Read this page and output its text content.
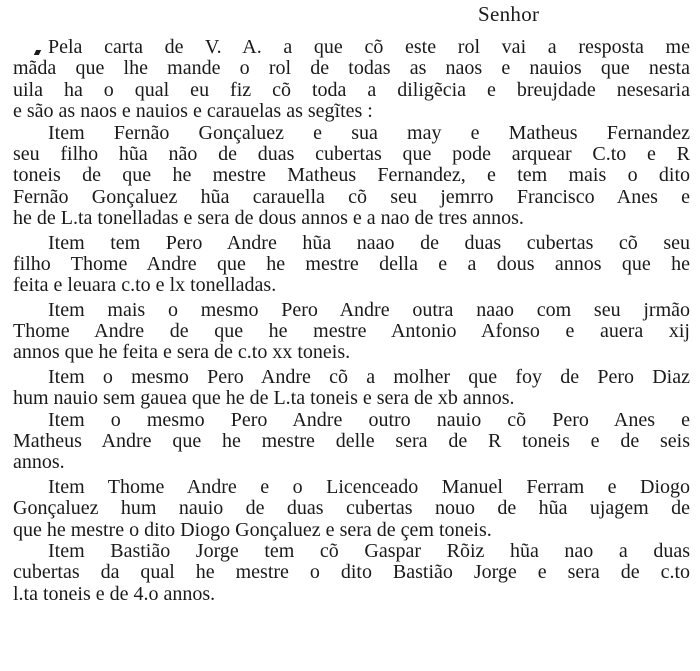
Senhor
Pela carta de V. A. a que cõ este rol vai a resposta me
mãda que lhe mande o rol de todas as naos e nauios que nesta
uila ha o qual eu fiz cõ toda a diligẽcia e breujdade nesesaria
e são as naos e nauios e carauelas as segĩtes :
Item Fernão Gonçaluez e sua may e Matheus Fernandez
seu filho hũa não de duas cubertas que pode arquear C.to e R
toneis de que he mestre Matheus Fernandez, e tem mais o dito
Fernão Gonçaluez hũa carauella cõ seu jemrro Francisco Anes e
he de L.ta tonelladas e sera de dous annos e a nao de tres annos.
Item tem Pero Andre hũa naao de duas cubertas cõ seu
filho Thome Andre que he mestre della e a dous annos que he
feita e leuara c.to e lx tonelladas.
Item mais o mesmo Pero Andre outra naao com seu jrmão
Thome Andre de que he mestre Antonio Afonso e auera xij
annos que he feita e sera de c.to xx toneis.
Item o mesmo Pero Andre cõ a molher que foy de Pero Diaz
hum nauio sem gauea que he de L.ta toneis e sera de xb annos.
Item o mesmo Pero Andre outro nauio cõ Pero Anes e
Matheus Andre que he mestre delle sera de R toneis e de seis
annos.
Item Thome Andre e o Licenceado Manuel Ferram e Diogo
Gonçaluez hum nauio de duas cubertas nouo de hũa ujagem de
que he mestre o dito Diogo Gonçaluez e sera de çem toneis.
Item Bastião Jorge tem cõ Gaspar Rõiz hũa nao a duas
cubertas da qual he mestre o dito Bastião Jorge e sera de c.to
l.ta toneis e de 4.o annos.
